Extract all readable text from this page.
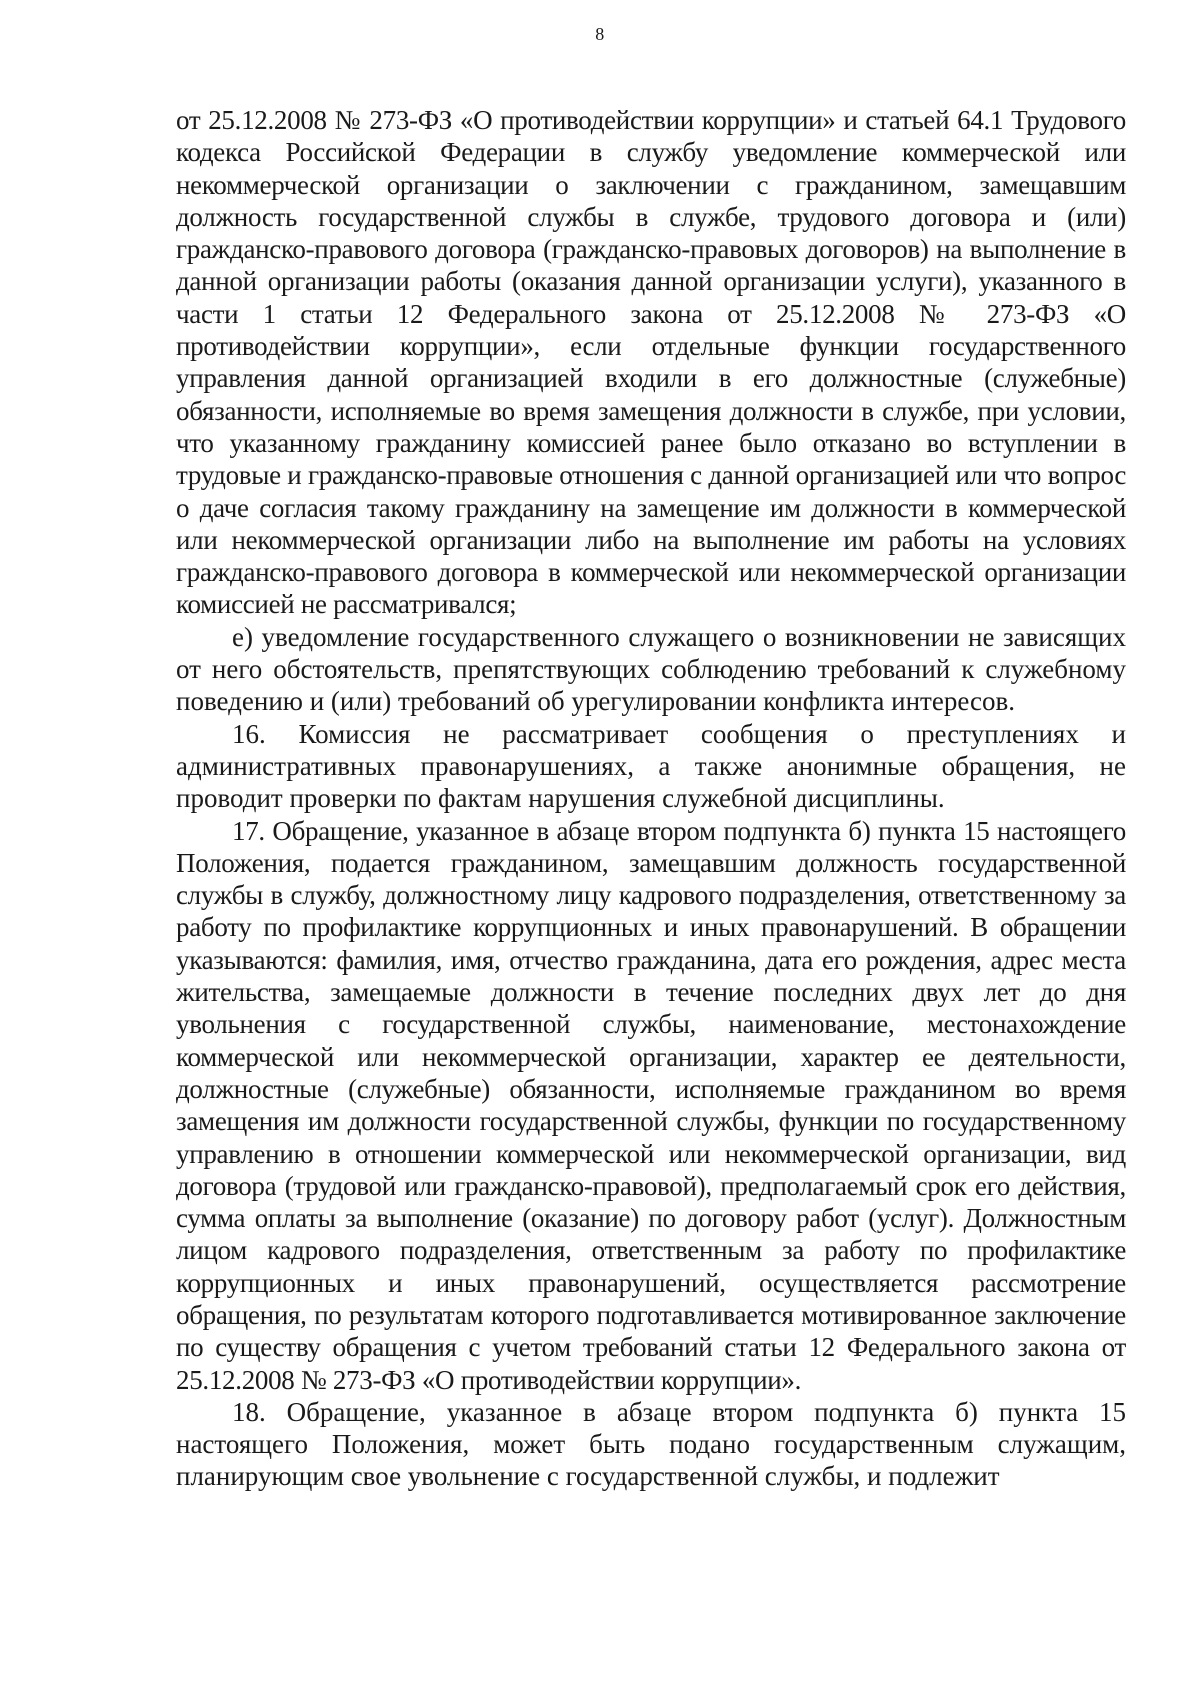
8

от 25.12.2008 № 273-ФЗ «О противодействии коррупции» и статьей 64.1 Трудового кодекса Российской Федерации в службу уведомление коммерческой или некоммерческой организации о заключении с гражданином, замещавшим должность государственной службы в службе, трудового договора и (или) гражданско-правового договора (гражданско-правовых договоров) на выполнение в данной организации работы (оказания данной организации услуги), указанного в части 1 статьи 12 Федерального закона от 25.12.2008 № 273-ФЗ «О противодействии коррупции», если отдельные функции государственного управления данной организацией входили в его должностные (служебные) обязанности, исполняемые во время замещения должности в службе, при условии, что указанному гражданину комиссией ранее было отказано во вступлении в трудовые и гражданско-правовые отношения с данной организацией или что вопрос о даче согласия такому гражданину на замещение им должности в коммерческой или некоммерческой организации либо на выполнение им работы на условиях гражданско-правового договора в коммерческой или некоммерческой организации комиссией не рассматривался;

е) уведомление государственного служащего о возникновении не зависящих от него обстоятельств, препятствующих соблюдению требований к служебному поведению и (или) требований об урегулировании конфликта интересов.

16. Комиссия не рассматривает сообщения о преступлениях и административных правонарушениях, а также анонимные обращения, не проводит проверки по фактам нарушения служебной дисциплины.

17. Обращение, указанное в абзаце втором подпункта б) пункта 15 настоящего Положения, подается гражданином, замещавшим должность государственной службы в службу, должностному лицу кадрового подразделения, ответственному за работу по профилактике коррупционных и иных правонарушений. В обращении указываются: фамилия, имя, отчество гражданина, дата его рождения, адрес места жительства, замещаемые должности в течение последних двух лет до дня увольнения с государственной службы, наименование, местонахождение коммерческой или некоммерческой организации, характер ее деятельности, должностные (служебные) обязанности, исполняемые гражданином во время замещения им должности государственной службы, функции по государственному управлению в отношении коммерческой или некоммерческой организации, вид договора (трудовой или гражданско-правовой), предполагаемый срок его действия, сумма оплаты за выполнение (оказание) по договору работ (услуг). Должностным лицом кадрового подразделения, ответственным за работу по профилактике коррупционных и иных правонарушений, осуществляется рассмотрение обращения, по результатам которого подготавливается мотивированное заключение по существу обращения с учетом требований статьи 12 Федерального закона от 25.12.2008 № 273-ФЗ «О противодействии коррупции».

18. Обращение, указанное в абзаце втором подпункта б) пункта 15 настоящего Положения, может быть подано государственным служащим, планирующим свое увольнение с государственной службы, и подлежит
